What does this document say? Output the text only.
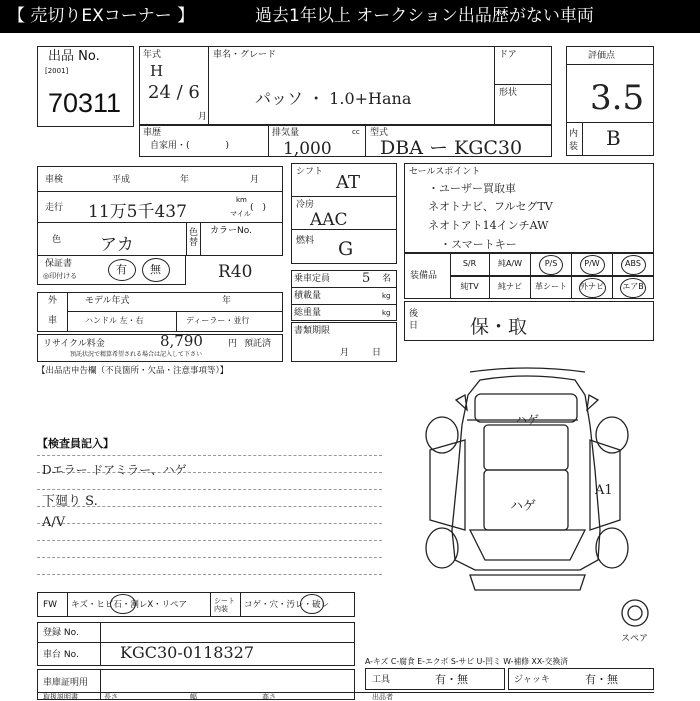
【 売切りEXコーナー 】	過去1年以上 オークション出品歴がない車両
出品 No.
[2001]
70311
年式
H
24 / 6
月
車名・グレード
パッソ ・ 1.0+Hana
ドア
形状
評価点
3.5
内装 B
車歴
自家用・(　　　　)
排気量	cc
1,000
型式
DBA ー KGC30
車検	平成	年	月
走行 11万5千437
km
マイル
(　)
色 アカ
色替
カラーNo.
保証書
◎印付ける	有 無	R40
外
車
モデル年式	年
ハンドル 左・右	ディーラー・並行
リサイクル料金	8,790	円 預託済
預託状況で精算希望される場合は記入して下さい
【出品店申告欄（不良箇所・欠品・注意事項等）】
シフト AT
冷房
AAC
燃料 G
乗車定員 5 名
積載量	kg
総重量	kg
書類期限
月	日
セールスポイント
・ユーザー買取車
ネオトナビ、フルセグTV
ネオトアト14インチAW
・スマートキー
装備品
S/R	純A/W	P/S	P/W	ABS
純TV	純ナビ	革シート	外ナビ	エアB
後日	保・取
【検査員記入】
Dエラー ドアミラー、ハゲ
下廻り S.
A/V
ハゲ
ハゲ
A1
スペア
FW キズ・ヒビ石・割レX・リペア	シート内装	コゲ・穴・汚レ・破レ
登録 No.
車台 No.	KGC30-0118327	A-キズ C-腐食 E-エクボ S-サビ U-凹ミ W-補修 XX-交換済
車庫証明用	工具	有・無	ジャッキ	有・無
取扱説明書	長さ	幅	高さ	出品者
